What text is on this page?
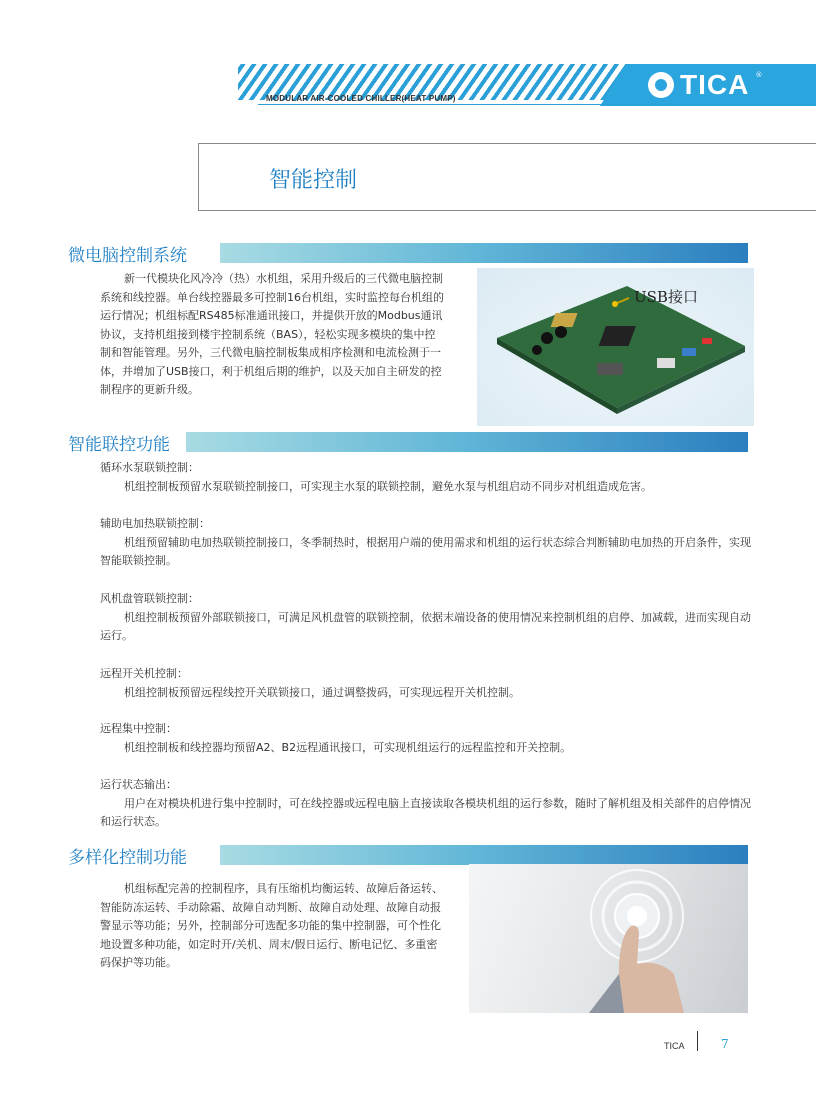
MODULAR AIR-COOLED CHILLER(HEAT PUMP)	TICA ®
智能控制
微电脑控制系统

新一代模块化风冷冷（热）水机组，采用升级后的三代微电脑控制系统和线控器。单台线控器最多可控制16台机组，实时监控每台机组的运行情况；机组标配RS485标准通讯接口，并提供开放的Modbus通讯协议，支持机组接到楼宇控制系统（BAS），轻松实现多模块的集中控制和智能管理。另外，三代微电脑控制板集成相序检测和电流检测于一体，并增加了USB接口，利于机组后期的维护，以及天加自主研发的控制程序的更新升级。

USB接口
智能联控功能

循环水泵联锁控制：

机组控制板预留水泵联锁控制接口，可实现主水泵的联锁控制，避免水泵与机组启动不同步对机组造成危害。

辅助电加热联锁控制：

机组预留辅助电加热联锁控制接口，冬季制热时，根据用户端的使用需求和机组的运行状态综合判断辅助电加热的开启条件，实现智能联锁控制。

风机盘管联锁控制：

机组控制板预留外部联锁接口，可满足风机盘管的联锁控制，依据末端设备的使用情况来控制机组的启停、加减载，进而实现自动运行。

远程开关机控制：

机组控制板预留远程线控开关联锁接口，通过调整拨码，可实现远程开关机控制。

远程集中控制：

机组控制板和线控器均预留A2、B2远程通讯接口，可实现机组运行的远程监控和开关控制。

运行状态输出：

用户在对模块机进行集中控制时，可在线控器或远程电脑上直接读取各模块机组的运行参数，随时了解机组及相关部件的启停情况和运行状态。

多样化控制功能

机组标配完善的控制程序，具有压缩机均衡运转、故障后备运转、智能防冻运转、手动除霜、故障自动判断、故障自动处理、故障自动报警显示等功能；另外，控制部分可选配多功能的集中控制器，可个性化地设置多种功能，如定时开/关机、周末/假日运行、断电记忆、多重密码保护等功能。

TICA	7
